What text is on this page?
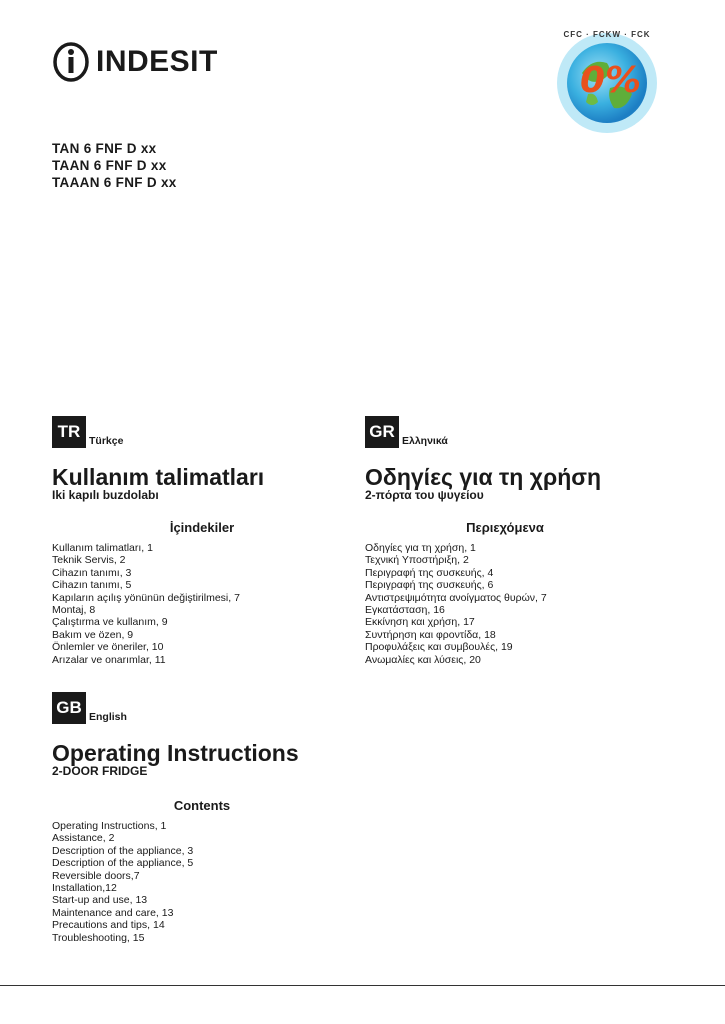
INDESIT	0%
CFC · FCKW · FCK
TAN 6 FNF D xx
TAAN 6 FNF D xx
TAAAN 6 FNF D xx
TR Türkçe
Kullanım talimatları
Iki kapılı buzdolabı
İçindekiler
Kullanım talimatları, 1
Teknik Servis, 2
Cihazın tanımı, 3
Cihazın tanımı, 5
Kapıların açılış yönünün değiştirilmesi, 7
Montaj, 8
Çalıştırma ve kullanım, 9
Bakım ve özen, 9
Önlemler ve öneriler, 10
Arızalar ve onarımlar, 11
GR Ελληνικά
Οδηγίες για τη χρήση
2-πόρτα του ψυγείου
Περιεχόμενα
Οδηγίες για τη χρήση, 1
Τεχνική Υποστήριξη, 2
Περιγραφή της συσκευής, 4
Περιγραφή της συσκευής, 6
Αντιστρεψιμότητα ανοίγματος θυρών, 7
Εγκατάσταση, 16
Εκκίνηση και χρήση, 17
Συντήρηση και φροντίδα, 18
Προφυλάξεις και συμβουλές, 19
Ανωμαλίες και λύσεις, 20
GB English
Operating Instructions
2-DOOR FRIDGE
Contents
Operating Instructions, 1
Assistance, 2
Description of the appliance, 3
Description of the appliance, 5
Reversible doors,7
Installation,12
Start-up and use, 13
Maintenance and care, 13
Precautions and tips, 14
Troubleshooting, 15
